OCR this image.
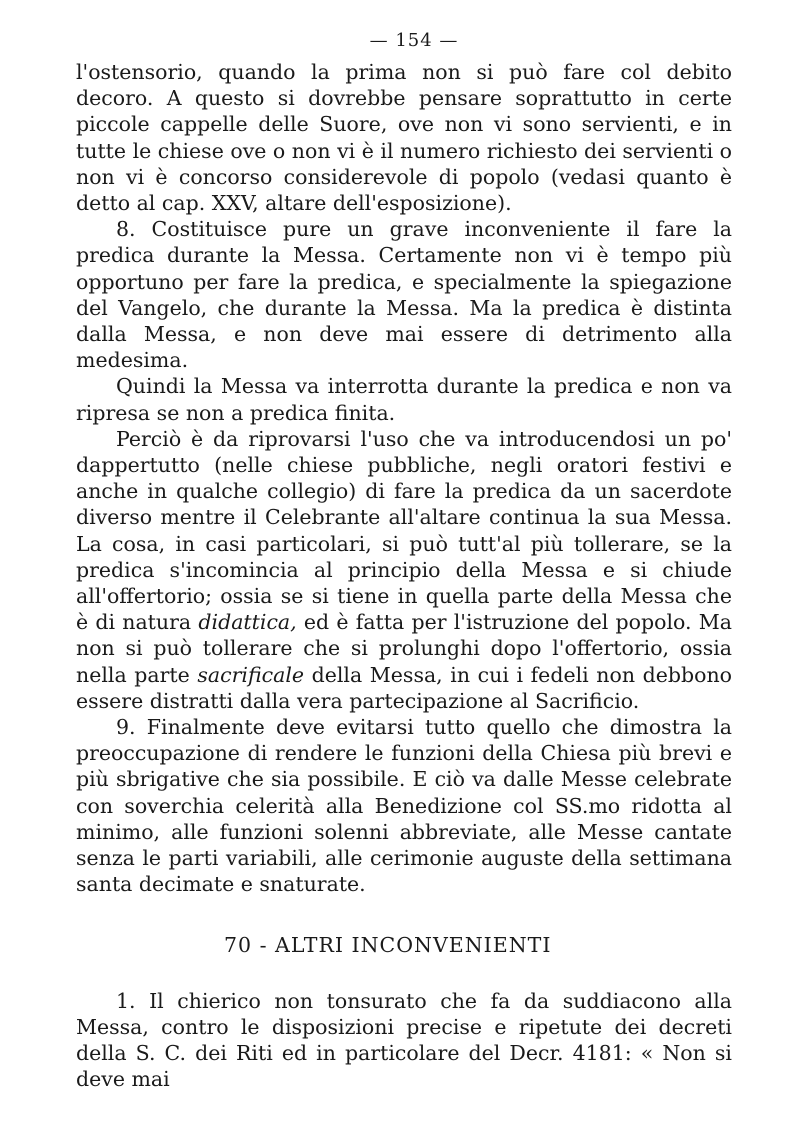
— 154 —

l'ostensorio, quando la prima non si può fare col debito decoro. A questo si dovrebbe pensare soprattutto in certe piccole cappelle delle Suore, ove non vi sono servienti, e in tutte le chiese ove o non vi è il numero richiesto dei servienti o non vi è concorso considerevole di popolo (vedasi quanto è detto al cap. XXV, altare dell'esposizione).

8. Costituisce pure un grave inconveniente il fare la predica durante la Messa. Certamente non vi è tempo più opportuno per fare la predica, e specialmente la spiegazione del Vangelo, che durante la Messa. Ma la predica è distinta dalla Messa, e non deve mai essere di detrimento alla medesima.

Quindi la Messa va interrotta durante la predica e non va ripresa se non a predica finita.

Perciò è da riprovarsi l'uso che va introducendosi un po' dappertutto (nelle chiese pubbliche, negli oratori festivi e anche in qualche collegio) di fare la predica da un sacerdote diverso mentre il Celebrante all'altare continua la sua Messa. La cosa, in casi particolari, si può tutt'al più tollerare, se la predica s'incomincia al principio della Messa e si chiude all'offertorio; ossia se si tiene in quella parte della Messa che è di natura didattica, ed è fatta per l'istruzione del popolo. Ma non si può tollerare che si prolunghi dopo l'offertorio, ossia nella parte sacrificale della Messa, in cui i fedeli non debbono essere distratti dalla vera partecipazione al Sacrificio.

9. Finalmente deve evitarsi tutto quello che dimostra la preoccupazione di rendere le funzioni della Chiesa più brevi e più sbrigative che sia possibile. E ciò va dalle Messe celebrate con soverchia celerità alla Benedizione col SS.mo ridotta al minimo, alle funzioni solenni abbreviate, alle Messe cantate senza le parti variabili, alle cerimonie auguste della settimana santa decimate e snaturate.

70 - ALTRI INCONVENIENTI

1. Il chierico non tonsurato che fa da suddiacono alla Messa, contro le disposizioni precise e ripetute dei decreti della S. C. dei Riti ed in particolare del Decr. 4181: « Non si deve mai
